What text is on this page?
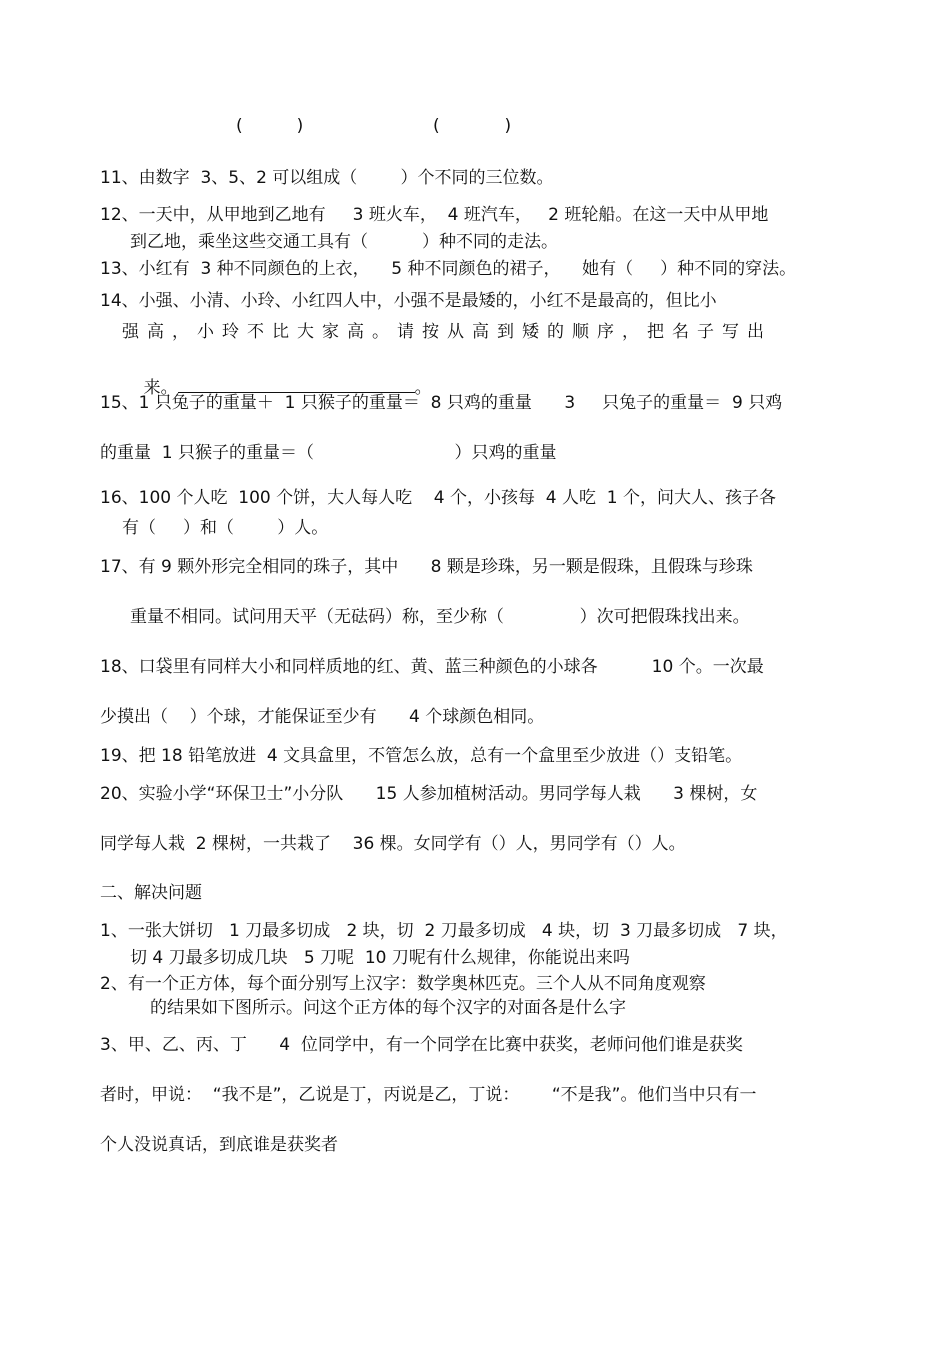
(          )                        (            )
11、由数字  3、5、2 可以组成（        ）个不同的三位数。
12、一天中，从甲地到乙地有     3 班火车，  4 班汽车，   2 班轮船。在这一天中从甲地
到乙地，乘坐这些交通工具有（          ）种不同的走法。
13、小红有  3 种不同颜色的上衣，    5 种不同颜色的裙子，    她有（     ）种不同的穿法。
14、小强、小清、小玲、小红四人中，小强不是最矮的，小红不是最高的，但比小
强高，小玲不比大家高。请按从高到矮的顺序，把名子写出

来。	。

15、1 只兔子的重量＋  1 只猴子的重量＝  8 只鸡的重量      3     只兔子的重量＝  9 只鸡
的重量  1 只猴子的重量＝（                          ）只鸡的重量
16、100 个人吃  100 个饼，大人每人吃    4 个，小孩每  4 人吃  1 个，问大人、孩子各
有（     ）和（        ）人。
17、有 9 颗外形完全相同的珠子，其中      8 颗是珍珠，另一颗是假珠，且假珠与珍珠
重量不相同。试问用天平（无砝码）称，至少称（              ）次可把假珠找出来。
18、口袋里有同样大小和同样质地的红、黄、蓝三种颜色的小球各          10 个。一次最
少摸出（    ）个球，才能保证至少有      4 个球颜色相同。
19、把 18 铅笔放进  4 文具盒里，不管怎么放，总有一个盒里至少放进（）支铅笔。
20、实验小学“环保卫士”小分队      15 人参加植树活动。男同学每人栽      3 棵树，女
同学每人栽  2 棵树，一共栽了    36 棵。女同学有（）人，男同学有（）人。
二、解决问题
1、一张大饼切   1 刀最多切成   2 块，切  2 刀最多切成   4 块，切  3 刀最多切成   7 块，
切 4 刀最多切成几块   5 刀呢  10 刀呢有什么规律，你能说出来吗
2、有一个正方体，每个面分别写上汉字：数学奥林匹克。三个人从不同角度观察
的结果如下图所示。问这个正方体的每个汉字的对面各是什么字
3、甲、乙、丙、丁      4  位同学中，有一个同学在比赛中获奖，老师问他们谁是获奖
者时，甲说：  “我不是”，乙说是丁，丙说是乙，丁说：      “不是我”。他们当中只有一
个人没说真话，到底谁是获奖者
